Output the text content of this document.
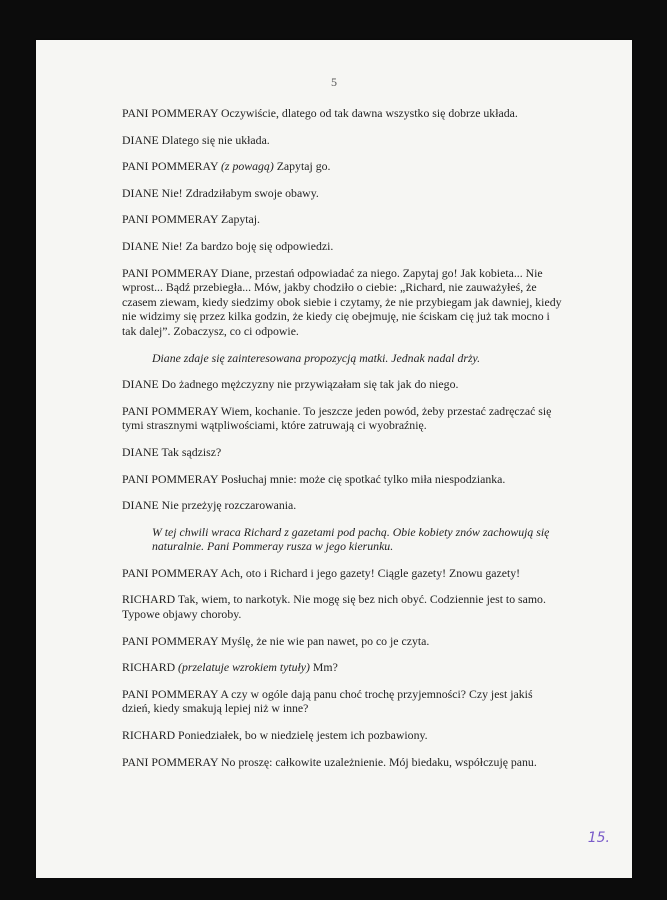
5

PANI POMMERAY Oczywiście, dlatego od tak dawna wszystko się dobrze układa.

DIANE Dlatego się nie układa.

PANI POMMERAY (z powagą) Zapytaj go.

DIANE Nie! Zdradziłabym swoje obawy.

PANI POMMERAY Zapytaj.

DIANE Nie! Za bardzo boję się odpowiedzi.

PANI POMMERAY Diane, przestań odpowiadać za niego. Zapytaj go! Jak kobieta... Nie wprost... Bądź przebiegła... Mów, jakby chodziło o ciebie: „Richard, nie zauważyłeś, że czasem ziewam, kiedy siedzimy obok siebie i czytamy, że nie przybiegam jak dawniej, kiedy nie widzimy się przez kilka godzin, że kiedy cię obejmuję, nie ściskam cię już tak mocno i tak dalej”. Zobaczysz, co ci odpowie.

Diane zdaje się zainteresowana propozycją matki. Jednak nadal drży.

DIANE Do żadnego mężczyzny nie przywiązałam się tak jak do niego.

PANI POMMERAY Wiem, kochanie. To jeszcze jeden powód, żeby przestać zadręczać się tymi strasznymi wątpliwościami, które zatruwają ci wyobraźnię.

DIANE Tak sądzisz?

PANI POMMERAY Posłuchaj mnie: może cię spotkać tylko miła niespodzianka.

DIANE Nie przeżyję rozczarowania.

W tej chwili wraca Richard z gazetami pod pachą. Obie kobiety znów zachowują się naturalnie. Pani Pommeray rusza w jego kierunku.

PANI POMMERAY Ach, oto i Richard i jego gazety! Ciągle gazety! Znowu gazety!

RICHARD Tak, wiem, to narkotyk. Nie mogę się bez nich obyć. Codziennie jest to samo. Typowe objawy choroby.

PANI POMMERAY Myślę, że nie wie pan nawet, po co je czyta.

RICHARD (przelatuje wzrokiem tytuły) Mm?

PANI POMMERAY A czy w ogóle dają panu choć trochę przyjemności? Czy jest jakiś dzień, kiedy smakują lepiej niż w inne?

RICHARD Poniedziałek, bo w niedzielę jestem ich pozbawiony.

PANI POMMERAY No proszę: całkowite uzależnienie. Mój biedaku, współczuję panu.

15.
